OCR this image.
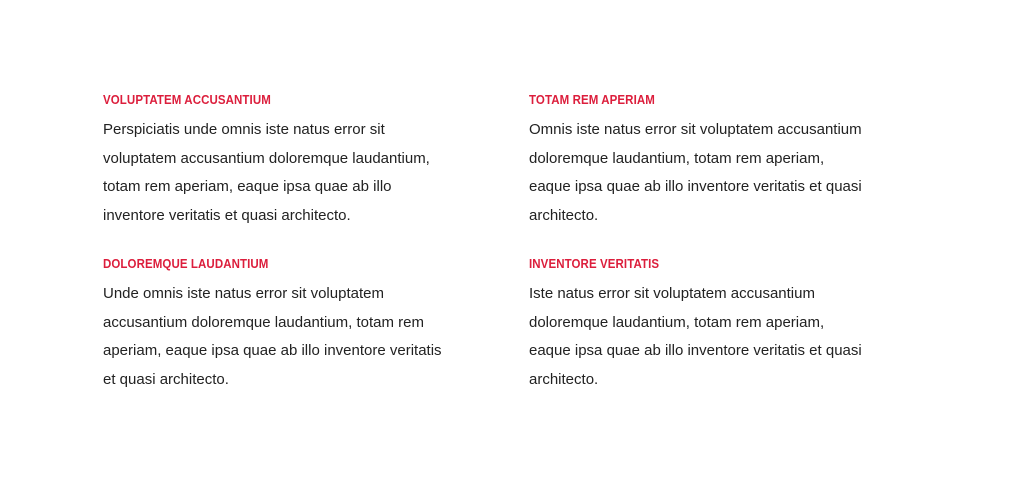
VOLUPTATEM ACCUSANTIUM

Perspiciatis unde omnis iste natus error sit
voluptatem accusantium doloremque laudantium,
totam rem aperiam, eaque ipsa quae ab illo
inventore veritatis et quasi architecto.

TOTAM REM APERIAM

Omnis iste natus error sit voluptatem accusantium
doloremque laudantium, totam rem aperiam,
eaque ipsa quae ab illo inventore veritatis et quasi
architecto.

DOLOREMQUE LAUDANTIUM

Unde omnis iste natus error sit voluptatem
accusantium doloremque laudantium, totam rem
aperiam, eaque ipsa quae ab illo inventore veritatis
et quasi architecto.

INVENTORE VERITATIS

Iste natus error sit voluptatem accusantium
doloremque laudantium, totam rem aperiam,
eaque ipsa quae ab illo inventore veritatis et quasi
architecto.
